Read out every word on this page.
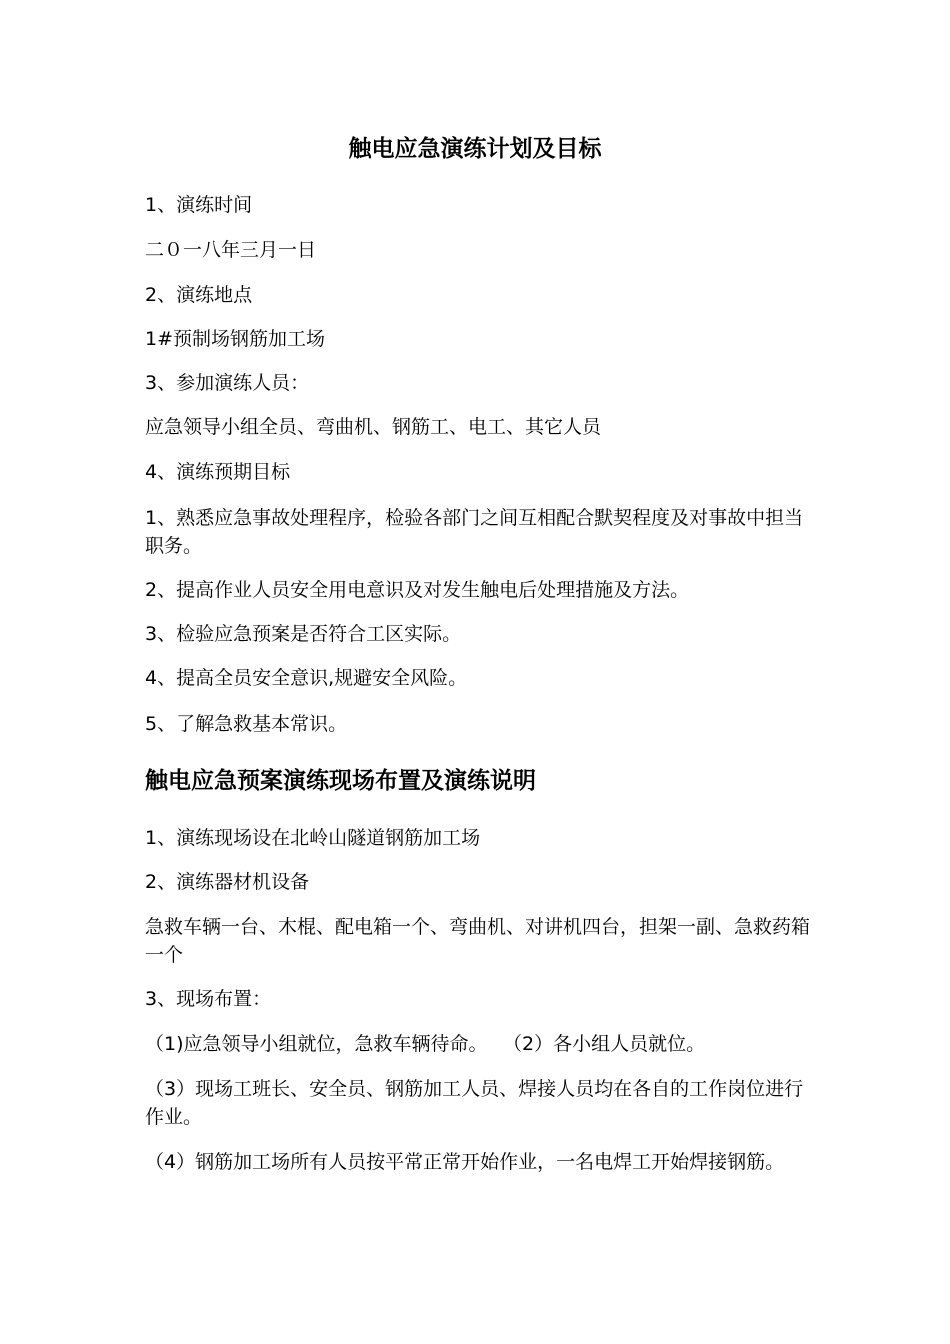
触电应急演练计划及目标
1、演练时间
二０一八年三月一日
2、演练地点
1#预制场钢筋加工场
3、参加演练人员：
应急领导小组全员、弯曲机、钢筋工、电工、其它人员
4、演练预期目标
1、熟悉应急事故处理程序，检验各部门之间互相配合默契程度及对事故中担当职务。
2、提高作业人员安全用电意识及对发生触电后处理措施及方法。
3、检验应急预案是否符合工区实际。
4、提高全员安全意识,规避安全风险。
5、了解急救基本常识。
触电应急预案演练现场布置及演练说明
1、演练现场设在北岭山隧道钢筋加工场
2、演练器材机设备
急救车辆一台、木棍、配电箱一个、弯曲机、对讲机四台，担架一副、急救药箱一个
3、现场布置：
（1)应急领导小组就位，急救车辆待命。　 （2）各小组人员就位。
（3）现场工班长、安全员、钢筋加工人员、焊接人员均在各自的工作岗位进行作业。
（4）钢筋加工场所有人员按平常正常开始作业，一名电焊工开始焊接钢筋。
